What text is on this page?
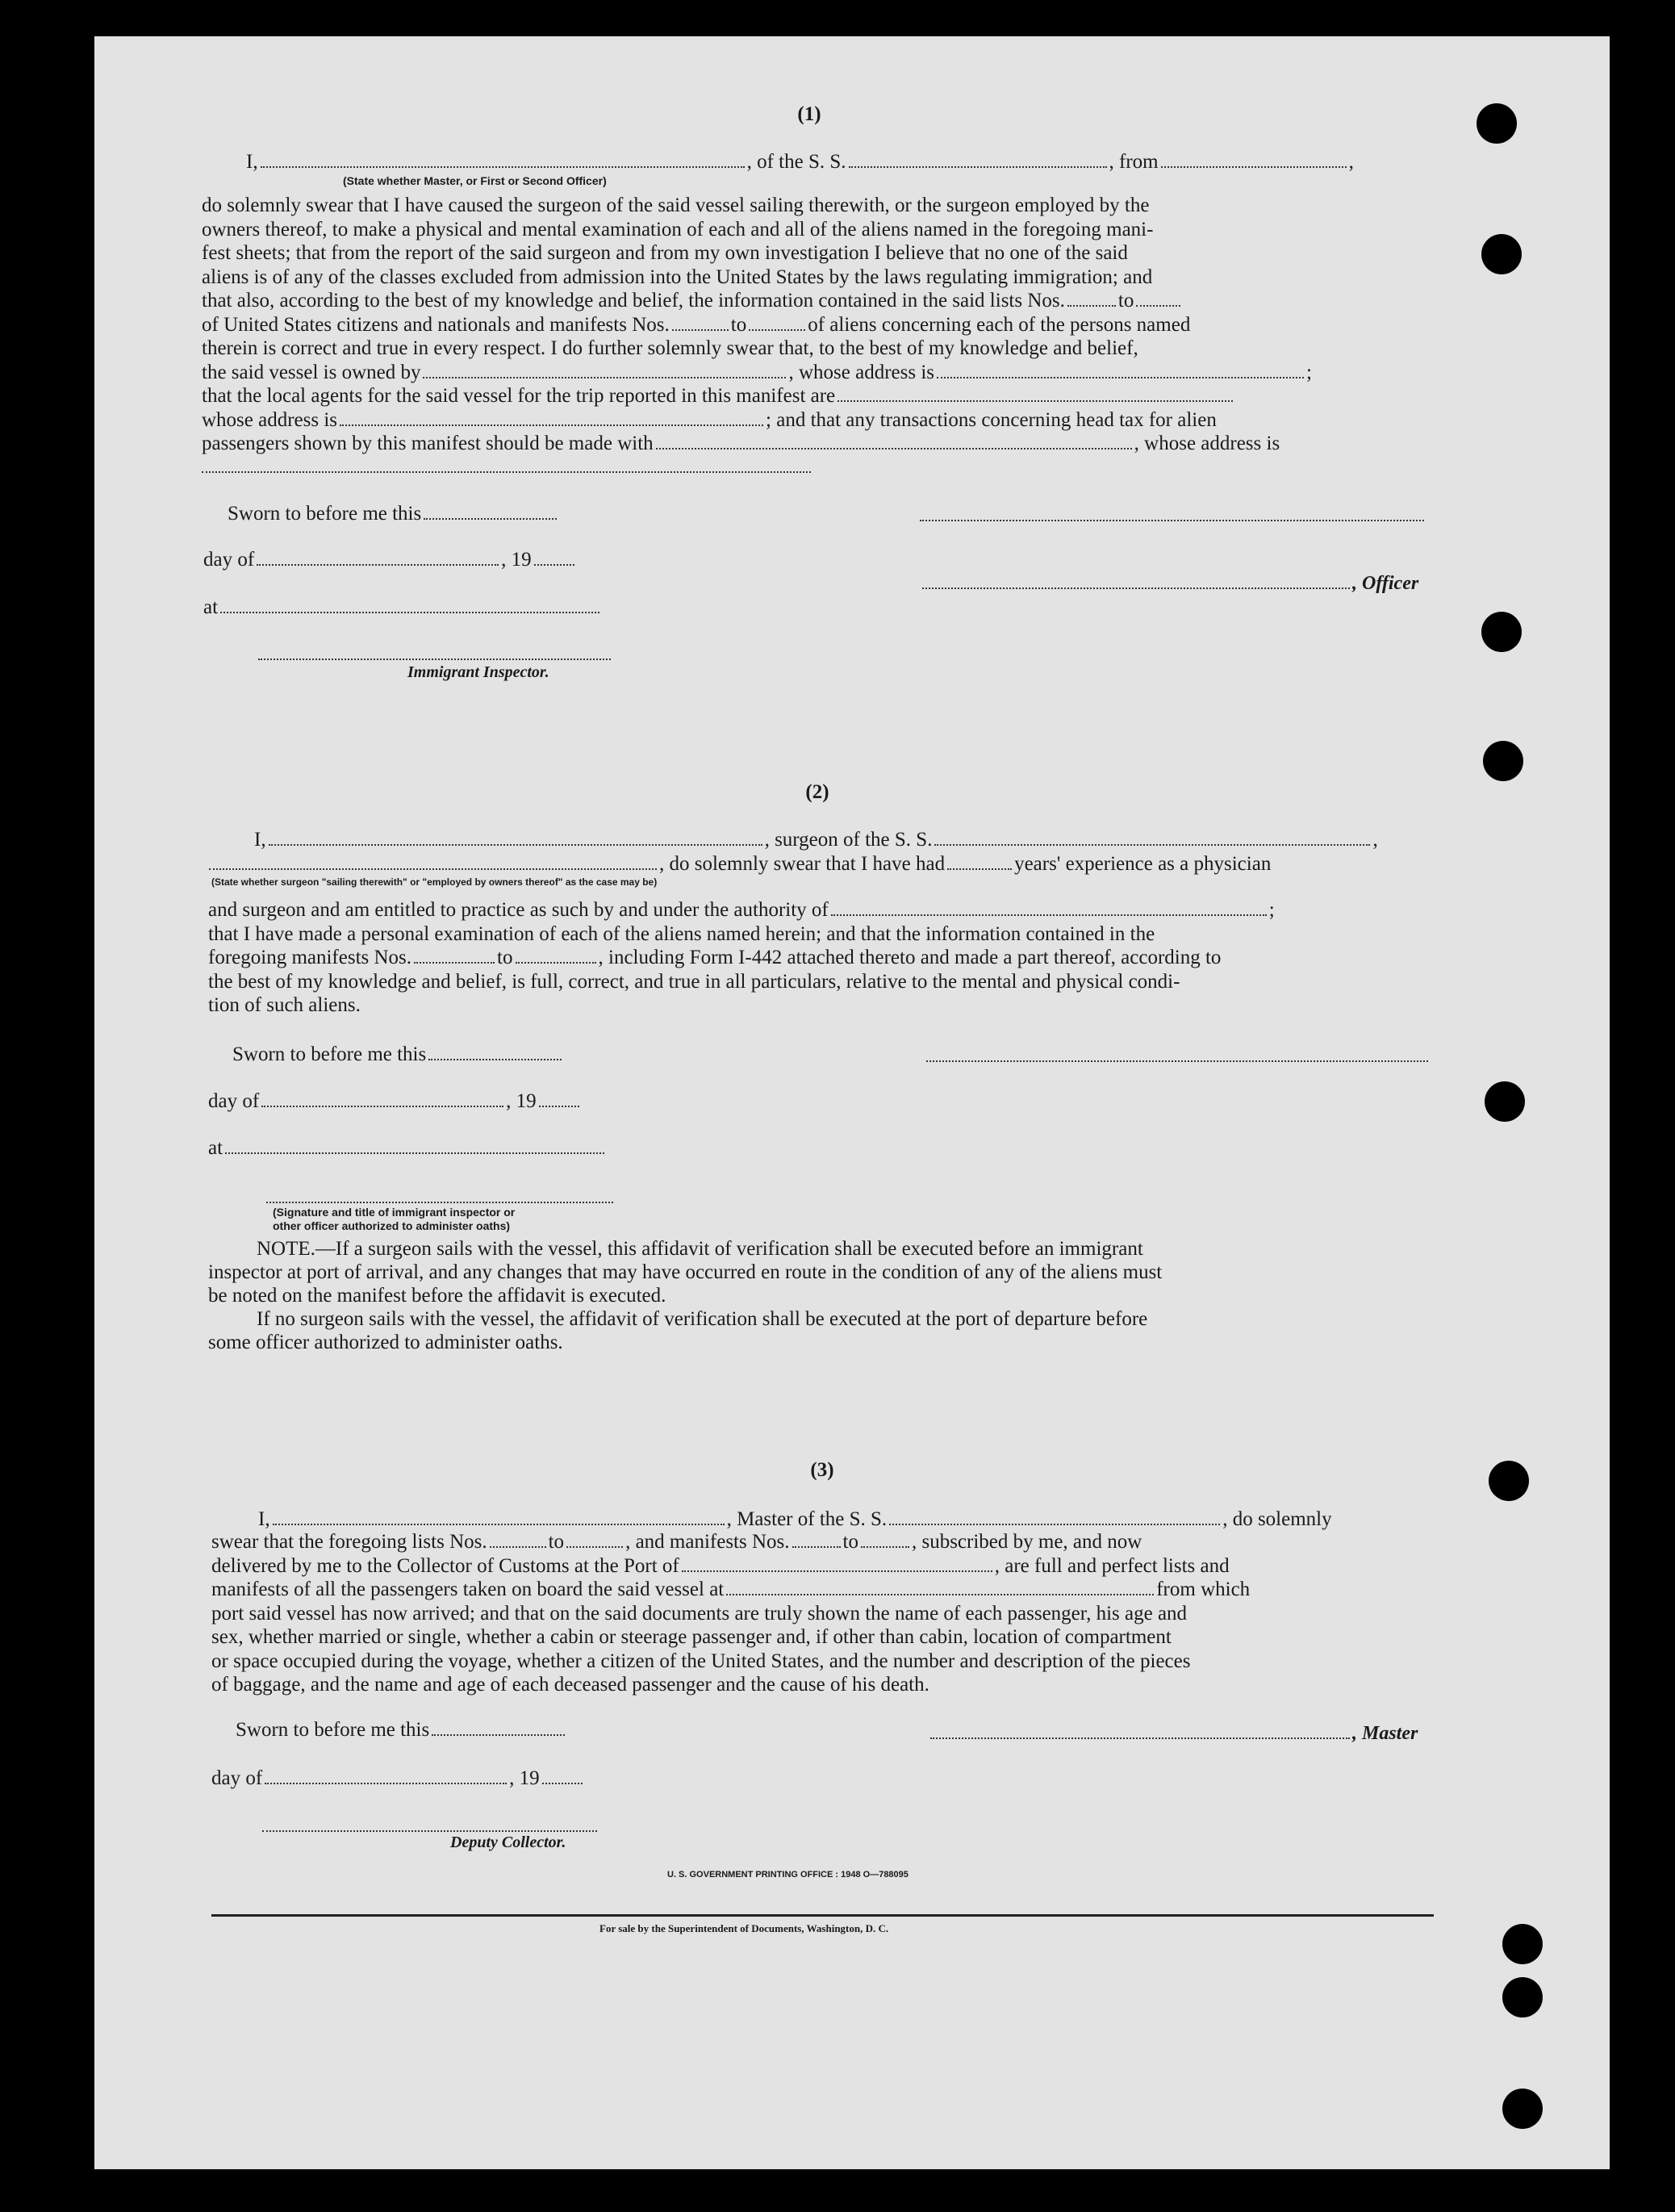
(1)
I,	, of the S. S.	, from	,
(State whether Master, or First or Second Officer)
do solemnly swear that I have caused the surgeon of the said vessel sailing therewith, or the surgeon employed by the
owners thereof, to make a physical and mental examination of each and all of the aliens named in the foregoing mani-
fest sheets; that from the report of the said surgeon and from my own investigation I believe that no one of the said
aliens is of any of the classes excluded from admission into the United States by the laws regulating immigration; and
that also, according to the best of my knowledge and belief, the information contained in the said lists Nos.	to
of United States citizens and nationals and manifests Nos.	to	of aliens concerning each of the persons named
therein is correct and true in every respect. I do further solemnly swear that, to the best of my knowledge and belief,
the said vessel is owned by	, whose address is	;
that the local agents for the said vessel for the trip reported in this manifest are
whose address is	; and that any transactions concerning head tax for alien
passengers shown by this manifest should be made with	, whose address is
Sworn to before me this
day of	, 19
at
Immigrant Inspector.
, Officer
(2)
I,	, surgeon of the S. S.	,
, do solemnly swear that I have had	years' experience as a physician
(State whether surgeon "sailing therewith" or "employed by owners thereof" as the case may be)
and surgeon and am entitled to practice as such by and under the authority of	;
that I have made a personal examination of each of the aliens named herein; and that the information contained in the
foregoing manifests Nos.	to	, including Form I-442 attached thereto and made a part thereof, according to
the best of my knowledge and belief, is full, correct, and true in all particulars, relative to the mental and physical condi-
tion of such aliens.
Sworn to before me this
day of	, 19
at
(Signature and title of immigrant inspector or
other officer authorized to administer oaths)
NOTE.—If a surgeon sails with the vessel, this affidavit of verification shall be executed before an immigrant
inspector at port of arrival, and any changes that may have occurred en route in the condition of any of the aliens must
be noted on the manifest before the affidavit is executed.
If no surgeon sails with the vessel, the affidavit of verification shall be executed at the port of departure before
some officer authorized to administer oaths.
(3)
I,	, Master of the S. S.	, do solemnly
swear that the foregoing lists Nos.	to	, and manifests Nos.	to	, subscribed by me, and now
delivered by me to the Collector of Customs at the Port of	, are full and perfect lists and
manifests of all the passengers taken on board the said vessel at	from which
port said vessel has now arrived; and that on the said documents are truly shown the name of each passenger, his age and
sex, whether married or single, whether a cabin or steerage passenger and, if other than cabin, location of compartment
or space occupied during the voyage, whether a citizen of the United States, and the number and description of the pieces
of baggage, and the name and age of each deceased passenger and the cause of his death.
Sworn to before me this	, Master
day of	, 19
Deputy Collector.
U. S. GOVERNMENT PRINTING OFFICE : 1948 O—788095
For sale by the Superintendent of Documents, Washington, D. C.
